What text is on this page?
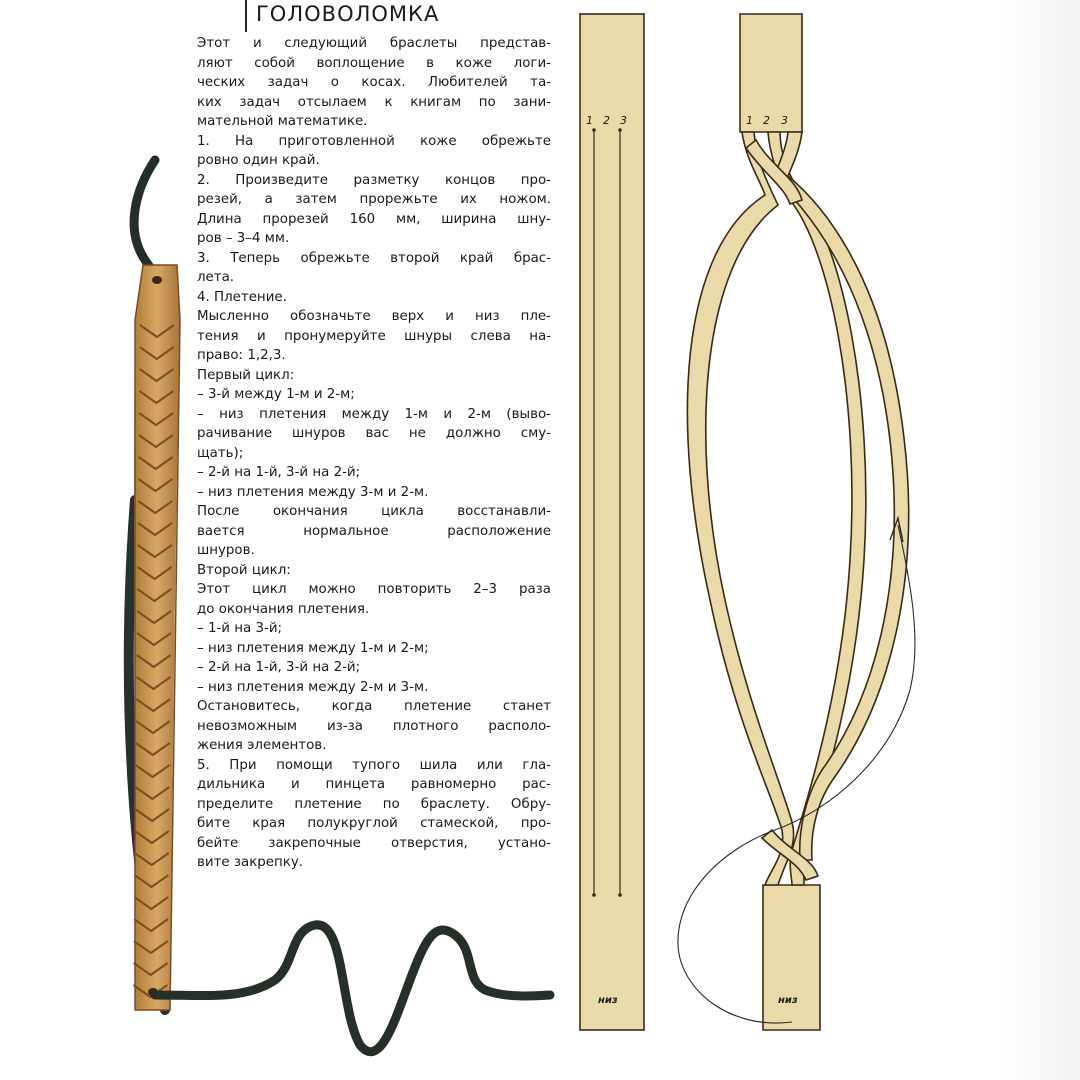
ГОЛОВОЛОМКА
Этот и следующий браслеты представ-
ляют собой воплощение в коже логи-
ческих задач о косах. Любителей та-
ких задач отсылаем к книгам по зани-
мательной математике.
1. На приготовленной коже обрежьте
ровно один край.
2. Произведите разметку концов про-
резей, а затем прорежьте их ножом.
Длина прорезей 160 мм, ширина шну-
ров – 3–4 мм.
3. Теперь обрежьте второй край брас-
лета.
4. Плетение.
Мысленно обозначьте верх и низ пле-
тения и пронумеруйте шнуры слева на-
право: 1,2,3.
Первый цикл:
– 3-й между 1-м и 2-м;
– низ плетения между 1-м и 2-м (выво-
рачивание шнуров вас не должно сму-
щать);
– 2-й на 1-й, 3-й на 2-й;
– низ плетения между 3-м и 2-м.
После окончания цикла восстанавли-
вается нормальное расположение
шнуров.
Второй цикл:
Этот цикл можно повторить 2–3 раза
до окончания плетения.
– 1-й на 3-й;
– низ плетения между 1-м и 2-м;
– 2-й на 1-й, 3-й на 2-й;
– низ плетения между 2-м и 3-м.
Остановитесь, когда плетение станет
невозможным из-за плотного располо-
жения элементов.
5. При помощи тупого шила или гла-
дильника и пинцета равномерно рас-
пределите плетение по браслету. Обру-
бите края полукруглой стамеской, про-
бейте закрепочные отверстия, устано-
вите закрепку.
1 2 3
низ
1 2 3
низ
